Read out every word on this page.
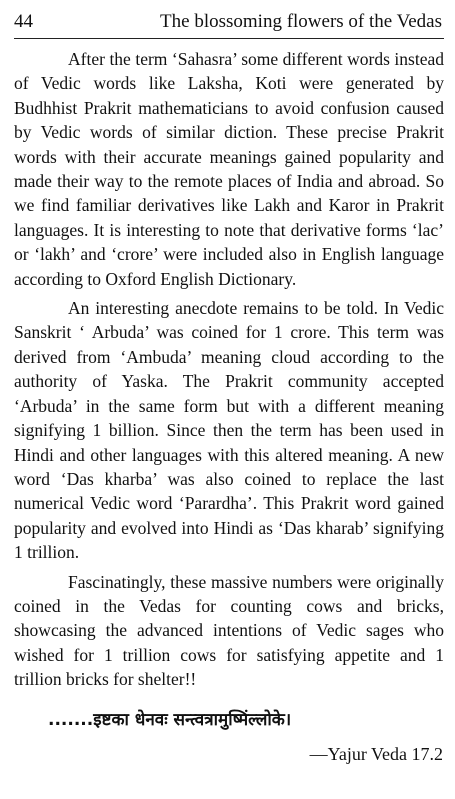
44	The blossoming flowers of the Vedas

After the term ‘Sahasra’ some different words instead of Vedic words like Laksha, Koti were generated by Budhhist Prakrit mathematicians to avoid confusion caused by Vedic words of similar diction. These precise Prakrit words with their accurate meanings gained popularity and made their way to the remote places of India and abroad. So we find familiar derivatives like Lakh and Karor in Prakrit languages. It is interesting to note that derivative forms ‘lac’ or ‘lakh’ and ‘crore’ were included also in English language according to Oxford English Dictionary.

An interesting anecdote remains to be told. In Vedic Sanskrit ‘ Arbuda’ was coined for 1 crore. This term was derived from ‘Ambuda’ meaning cloud according to the authority of Yaska. The Prakrit community accepted ‘Arbuda’ in the same form but with a different meaning signifying 1 billion. Since then the term has been used in Hindi and other languages with this altered meaning. A new word ‘Das kharba’ was also coined to replace the last numerical Vedic word ‘Parardha’. This Prakrit word gained popularity and evolved into Hindi as ‘Das kharab’ signifying 1 trillion.

Fascinatingly, these massive numbers were originally coined in the Vedas for counting cows and bricks, showcasing the advanced intentions of Vedic sages who wished for 1 trillion cows for satisfying appetite and 1 trillion bricks for shelter!!

.......इष्टका धेनवः सन्त्वत्रामुष्मिंल्लोके।
—Yajur Veda 17.2
